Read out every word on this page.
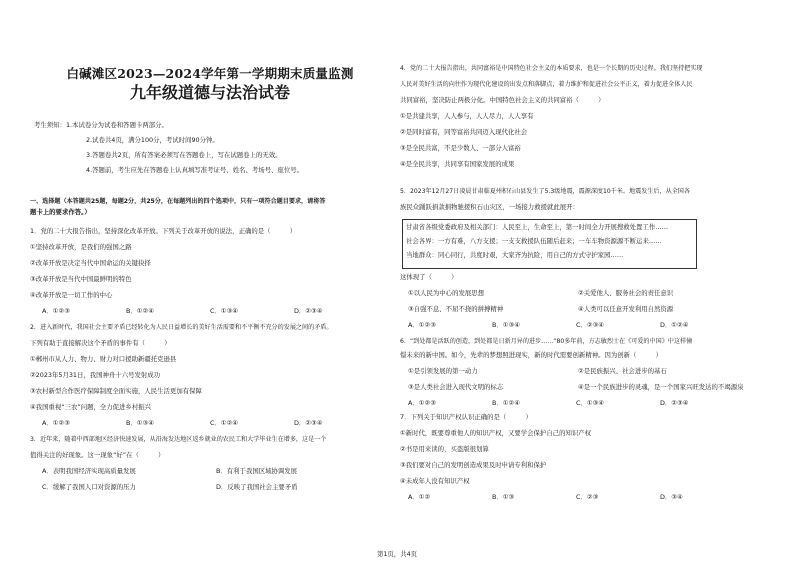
白碱滩区2023—2024学年第一学期期末质量监测
九年级道德与法治试卷
考生须知：1.本试卷分为试卷和答题卡两部分。
2.试卷共4页，满分100分，考试时间90分钟。
3.答题卷共2页，所有答案必须写在答题卷上，写在试题卷上的无效。
4.答题前，考生应先在答题卷上认真填写准考证号、姓名、考场号、座位号。
一、选择题（本答题共25题，每题2分，共25分，在每题列出的四个选项中，只有一项符合题目要求，请将答
题卡上的要求作答。）
1．党的二十大报告指出，坚持深化改革开放。下列关于改革开放的说法，正确的是（　　　）
①坚持改革开放，是我们的强国之路
②改革开放是决定当代中国命运的关键抉择
③改革开放是当代中国最鲜明的特色
④改革开放是一切工作的中心
A．①②③	B．①②④	C．①③④	D．②③④
2．进入新时代，我国社会主要矛盾已经转化为人民日益增长的美好生活需要和不平衡不充分的发展之间的矛盾。
下列有助于直接解决这个矛盾的事件有（　　　）
①郴州市从人力、物力、财力对口援助新疆托克逊县
②2023年5月31日，我国神舟十六号发射成功
③农村新型合作医疗保障制度全面实施，人民生活更加有保障
④我国重视“三农”问题，全力促进乡村振兴
A．①②③	B．①③④	C．①②④	D．②③④
3．近年来，随着中西部地区经济快速发展，从沿海发达地区返乡就业的农民工和大学毕业生在增多，这是一个
值得关注的好现象。这一现象“好”在（　　　）
A．表明我国经济实现高质量发展	B．有利于我国区域协调发展
C．缓解了我国人口对资源的压力	D．反映了我国社会主要矛盾
4．党的二十大报告指出，共同富裕是中国特色社会主义的本质要求，也是一个长期的历史过程。我们坚持把实现
人民对美好生活的向往作为现代化建设的出发点和落脚点，着力维护和促进社会公平正义，着力促进全体人民
共同富裕，坚决防止两极分化。中国特色社会主义的共同富裕（　　　）
①是共建共享，人人参与，人人尽力，人人享有
②是同时富有，同等富裕共同迈入现代化社会
③是全民共富，不是少数人、一部分人富裕
④是全民共享，共同享有国家发展的成果
5．2023年12月27日凌晨甘肃临夏州积石山县发生了5.3级地震，震源深度10千米。地震发生后，从全国各
族民众踊跃捐款捐物驰援积石山灾区，一场接力救援就此展开：
甘肃省各级党委政府及相关部门：人民至上，生命至上，第一时间全力开展搜救处置工作……
社会各界：一方有难，八方支援；一支支救援队伍随后赶来；一车车物资源源不断运来……
当地群众：同心同行，共度时艰，大家齐为抗险，用自己的方式守护家园……
这体现了（　　　）
①以人民为中心的发展思想	②关爱他人、服务社会的责任意识
③自强不息、不屈不挠的拼搏精神	④人类可以任意开发利用自然资源
A．①②③	B．①③④	C．②③④	D．①②④
6．“到处都是活跃的创造，到处都是日新月异的进步……”80多年前，方志敏烈士在《可爱的中国》中这样憧
憬未来的新中国。如今，先辈的梦想照进现实，新的时代需要创新精神。因为创新（　　　）
①是引领发展的第一动力	②是民族振兴、社会进步的基石
③是人类社会进入现代文明的标志	④是一个民族进步的灵魂，是一个国家兴旺发达的不竭源泉
A．①②③	B．①②④	C．①③④	D．②③④
7．下列关于知识产权认识正确的是（　　　）
①新时代，既要尊重他人的知识产权，又要学会保护自己的知识产权
②书是用来读的，买盗版很划算
③我们要对自己的发明创造成果及时申请专利和保护
④未成年人没有知识产权
A．①②	B．①③	C．②③	D．③④
第1页，共4页
